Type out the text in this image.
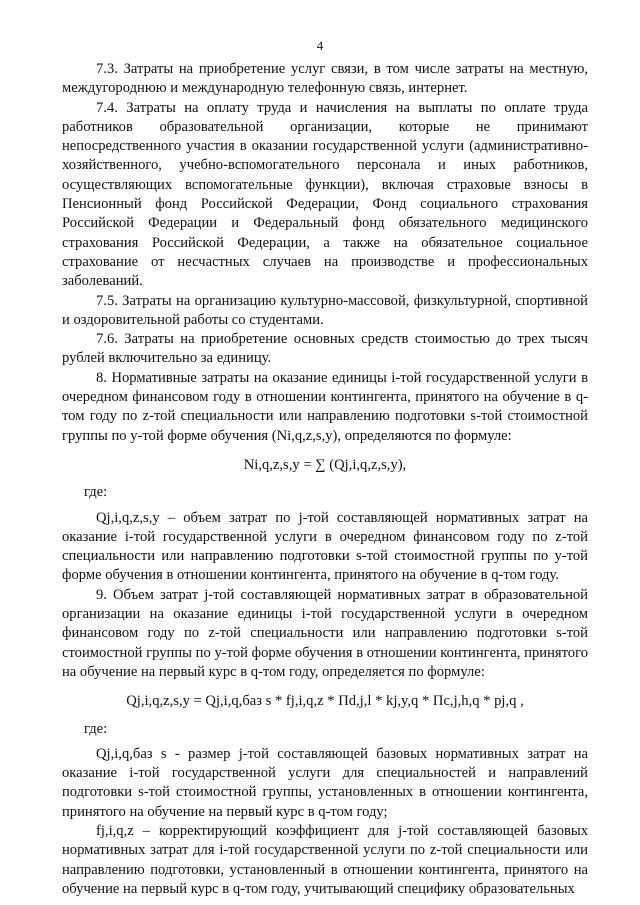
4

7.3. Затраты на приобретение услуг связи, в том числе затраты на местную, междугороднюю и международную телефонную связь, интернет.

7.4. Затраты на оплату труда и начисления на выплаты по оплате труда работников образовательной организации, которые не принимают непосредственного участия в оказании государственной услуги (административно-хозяйственного, учебно-вспомогательного персонала и иных работников, осуществляющих вспомогательные функции), включая страховые взносы в Пенсионный фонд Российской Федерации, Фонд социального страхования Российской Федерации и Федеральный фонд обязательного медицинского страхования Российской Федерации, а также на обязательное социальное страхование от несчастных случаев на производстве и профессиональных заболеваний.

7.5. Затраты на организацию культурно-массовой, физкультурной, спортивной и оздоровительной работы со студентами.

7.6. Затраты на приобретение основных средств стоимостью до трех тысяч рублей включительно за единицу.

8. Нормативные затраты на оказание единицы i-той государственной услуги в очередном финансовом году в отношении контингента, принятого на обучение в q-том году по z-той специальности или направлению подготовки s-той стоимостной группы по y-той форме обучения (Ni,q,z,s,y), определяются по формуле:

Ni,q,z,s,y = ∑ (Qj,i,q,z,s,y),
где:

Qj,i,q,z,s,y – объем затрат по j-той составляющей нормативных затрат на оказание i-той государственной услуги в очередном финансовом году по z-той специальности или направлению подготовки s-той стоимостной группы по y-той форме обучения в отношении контингента, принятого на обучение в q-том году.

9. Объем затрат j-той составляющей нормативных затрат в образовательной организации на оказание единицы i-той государственной услуги в очередном финансовом году по z-той специальности или направлению подготовки s-той стоимостной группы по y-той форме обучения в отношении контингента, принятого на обучение на первый курс в q-том году, определяется по формуле:

Qj,i,q,z,s,y = Qj,i,q,баз s * fj,i,q,z * Пd,j,l * kj,y,q * Пc,j,h,q * pj,q ,
где:

Qj,i,q,баз s - размер j-той составляющей базовых нормативных затрат на оказание i-той государственной услуги для специальностей и направлений подготовки s-той стоимостной группы, установленных в отношении контингента, принятого на обучение на первый курс в q-том году;

fj,i,q,z – корректирующий коэффициент для j-той составляющей базовых нормативных затрат для i-той государственной услуги по z-той специальности или направлению подготовки, установленный в отношении контингента, принятого на обучение на первый курс в q-том году, учитывающий специфику образовательных
